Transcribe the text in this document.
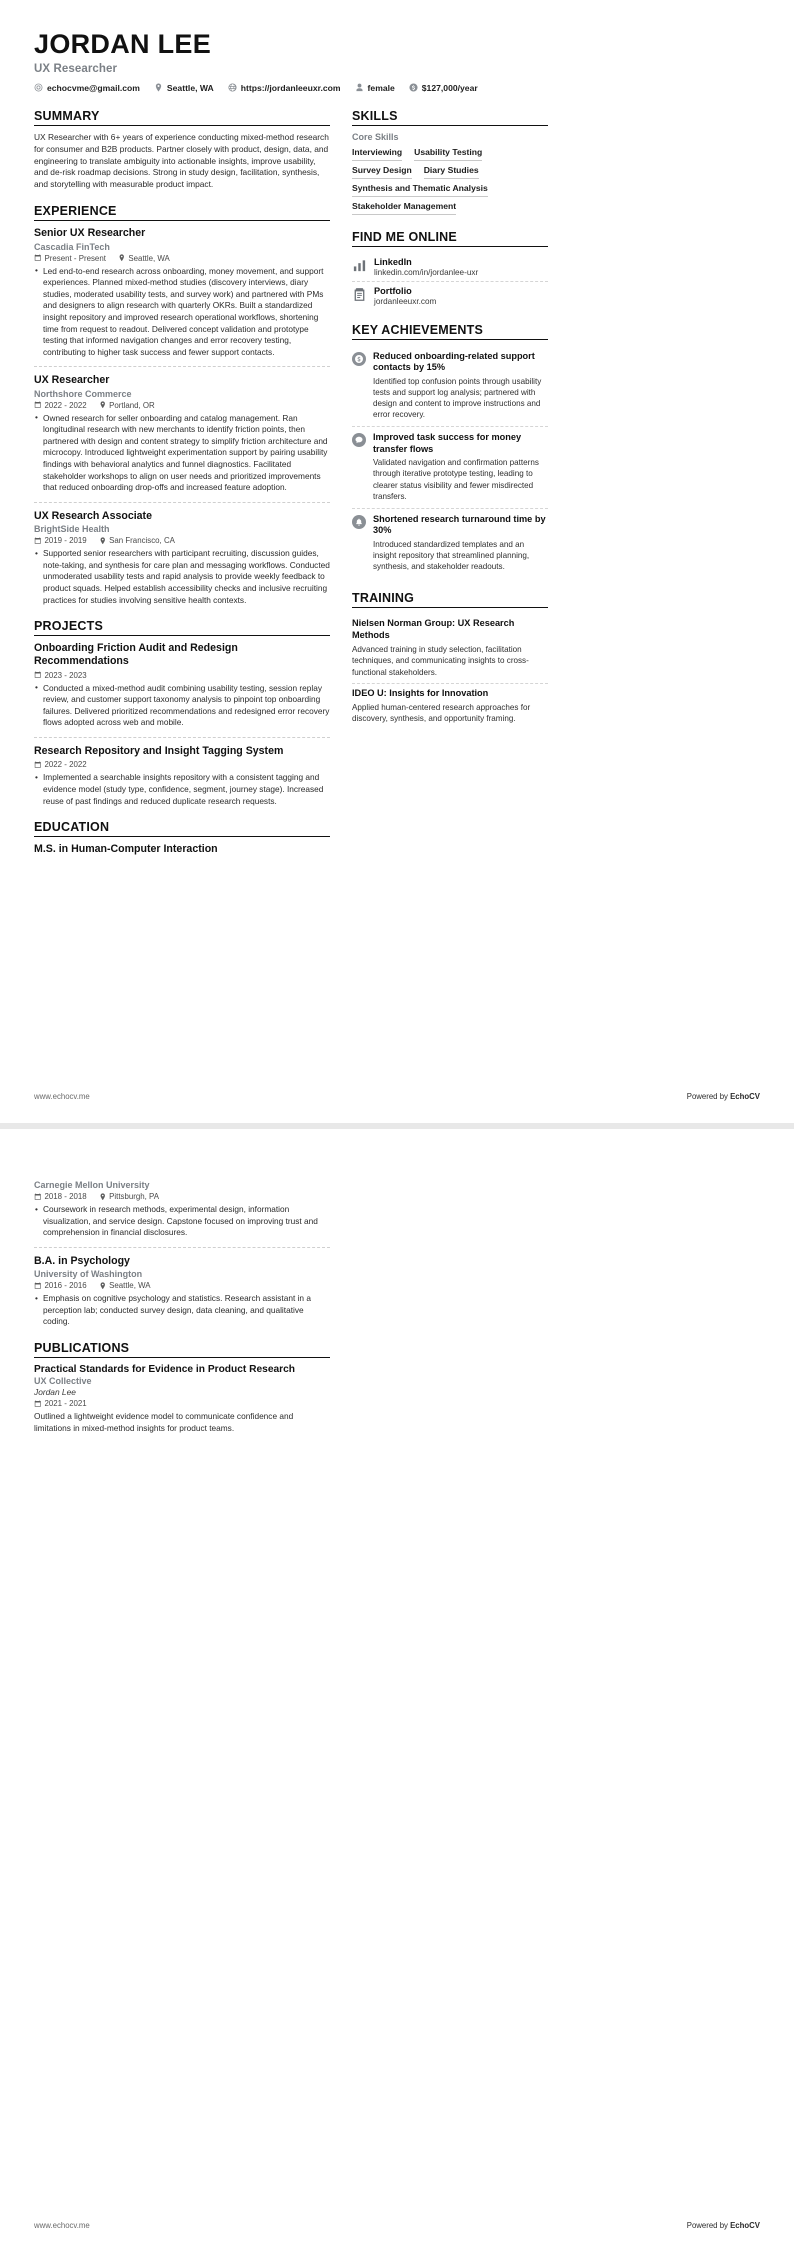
JORDAN LEE
UX Researcher
echocvme@gmail.com	Seattle, WA	https://jordanleeuxr.com	female	$127,000/year
SUMMARY
UX Researcher with 6+ years of experience conducting mixed-method research for consumer and B2B products. Partner closely with product, design, data, and engineering to translate ambiguity into actionable insights, improve usability, and de-risk roadmap decisions. Strong in study design, facilitation, synthesis, and storytelling with measurable product impact.
EXPERIENCE
Senior UX Researcher
Cascadia FinTech
Present - Present	Seattle, WA
• Led end-to-end research across onboarding, money movement, and support experiences. Planned mixed-method studies (discovery interviews, diary studies, moderated usability tests, and survey work) and partnered with PMs and designers to align research with quarterly OKRs. Built a standardized insight repository and improved research operational workflows, shortening time from request to readout. Delivered concept validation and prototype testing that informed navigation changes and error recovery testing, contributing to higher task success and fewer support contacts.
UX Researcher
Northshore Commerce
2022 - 2022	Portland, OR
• Owned research for seller onboarding and catalog management. Ran longitudinal research with new merchants to identify friction points, then partnered with design and content strategy to simplify friction architecture and microcopy. Introduced lightweight experimentation support by pairing usability findings with behavioral analytics and funnel diagnostics. Facilitated stakeholder workshops to align on user needs and prioritized improvements that reduced onboarding drop-offs and increased feature adoption.
UX Research Associate
BrightSide Health
2019 - 2019	San Francisco, CA
• Supported senior researchers with participant recruiting, discussion guides, note-taking, and synthesis for care plan and messaging workflows. Conducted unmoderated usability tests and rapid analysis to provide weekly feedback to product squads. Helped establish accessibility checks and inclusive recruiting practices for studies involving sensitive health contexts.
PROJECTS
Onboarding Friction Audit and Redesign Recommendations
2023 - 2023
• Conducted a mixed-method audit combining usability testing, session replay review, and customer support taxonomy analysis to pinpoint top onboarding failures. Delivered prioritized recommendations and redesigned error recovery flows adopted across web and mobile.
Research Repository and Insight Tagging System
2022 - 2022
• Implemented a searchable insights repository with a consistent tagging and evidence model (study type, confidence, segment, journey stage). Increased reuse of past findings and reduced duplicate research requests.
EDUCATION
M.S. in Human-Computer Interaction
SKILLS
Core Skills
Interviewing Usability Testing
Survey Design Diary Studies
Synthesis and Thematic Analysis
Stakeholder Management
FIND ME ONLINE
LinkedIn
linkedin.com/in/jordanlee-uxr
Portfolio
jordanleeuxr.com
KEY ACHIEVEMENTS
Reduced onboarding-related support contacts by 15%
Identified top confusion points through usability tests and support log analysis; partnered with design and content to improve instructions and error recovery.
Improved task success for money transfer flows
Validated navigation and confirmation patterns through iterative prototype testing, leading to clearer status visibility and fewer misdirected transfers.
Shortened research turnaround time by 30%
Introduced standardized templates and an insight repository that streamlined planning, synthesis, and stakeholder readouts.
TRAINING
Nielsen Norman Group: UX Research Methods
Advanced training in study selection, facilitation techniques, and communicating insights to cross-functional stakeholders.
IDEO U: Insights for Innovation
Applied human-centered research approaches for discovery, synthesis, and opportunity framing.
www.echocv.me	Powered by EchoCV
Carnegie Mellon University
2018 - 2018	Pittsburgh, PA
• Coursework in research methods, experimental design, information visualization, and service design. Capstone focused on improving trust and comprehension in financial disclosures.
B.A. in Psychology
University of Washington
2016 - 2016	Seattle, WA
• Emphasis on cognitive psychology and statistics. Research assistant in a perception lab; conducted survey design, data cleaning, and qualitative coding.
PUBLICATIONS
Practical Standards for Evidence in Product Research
UX Collective
Jordan Lee
2021 - 2021
Outlined a lightweight evidence model to communicate confidence and limitations in mixed-method insights for product teams.
www.echocv.me	Powered by EchoCV
